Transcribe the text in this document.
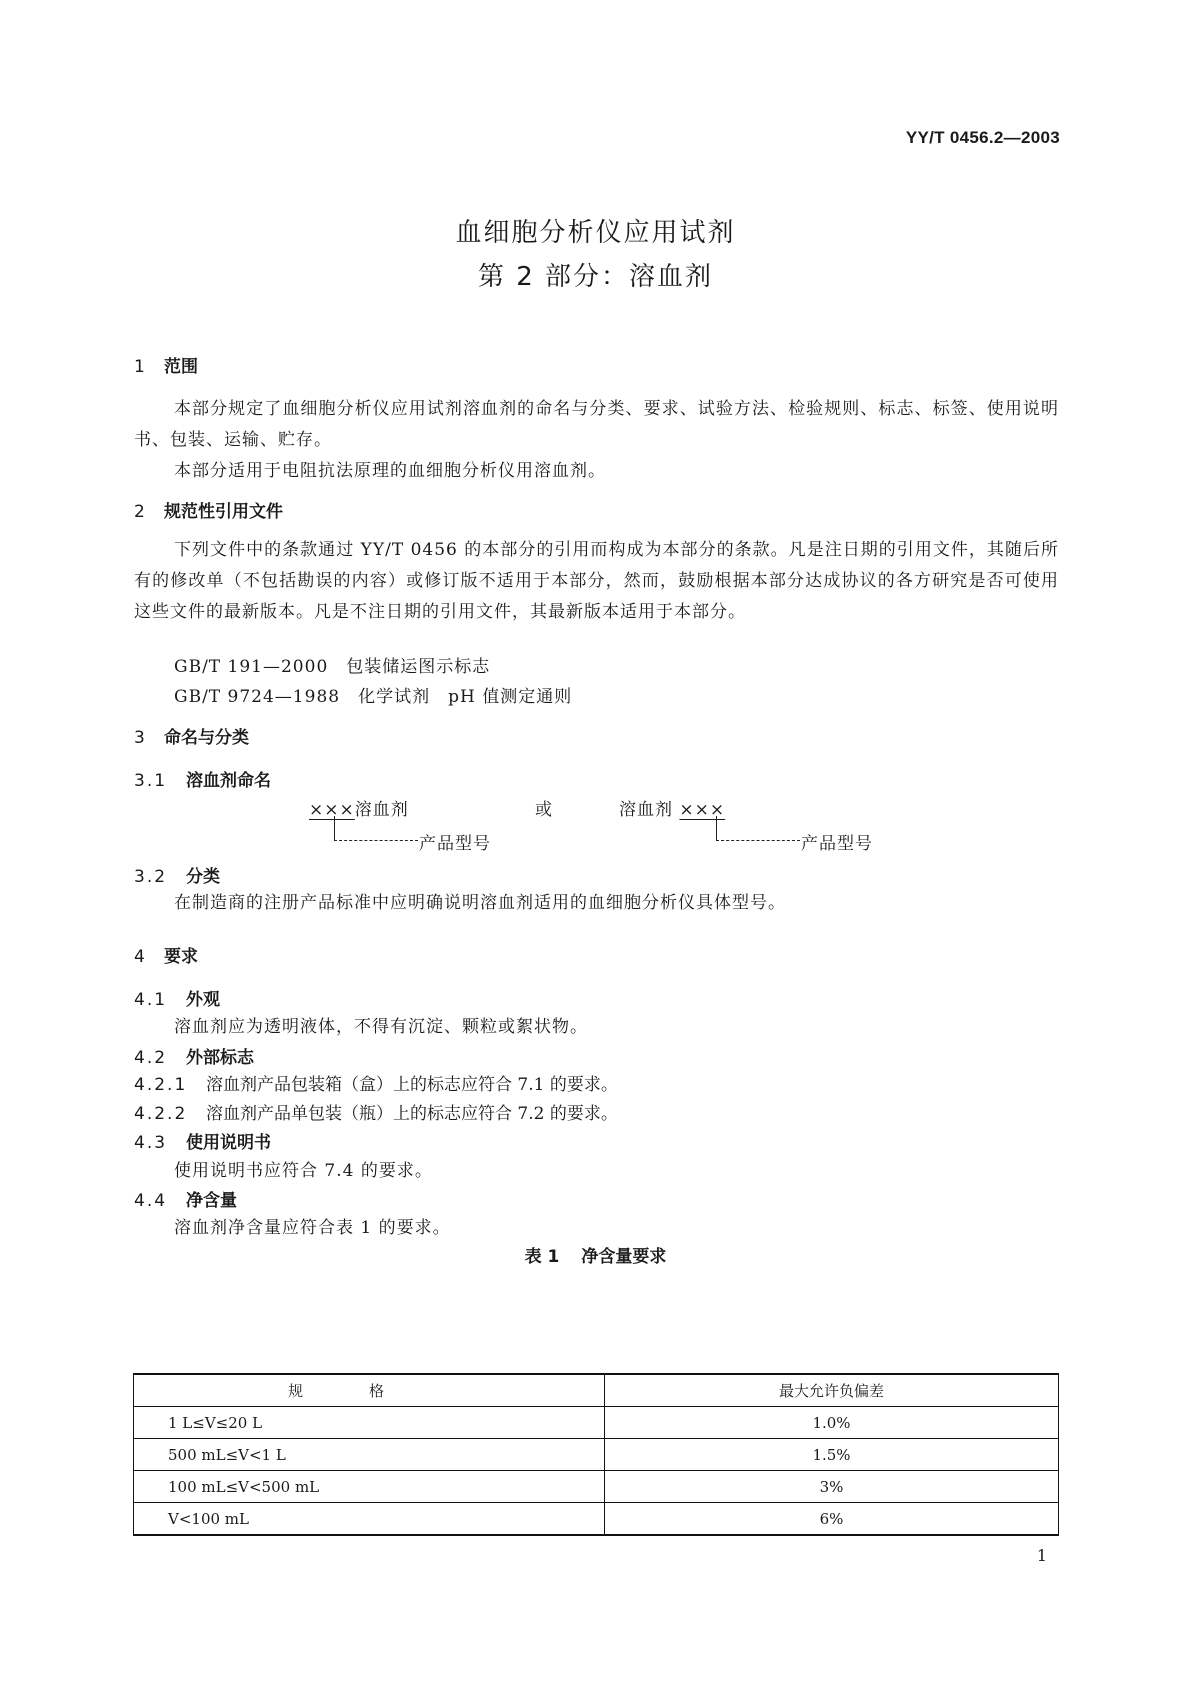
YY/T 0456.2—2003
血细胞分析仪应用试剂
第 2 部分：溶血剂
1 范围

本部分规定了血细胞分析仪应用试剂溶血剂的命名与分类、要求、试验方法、检验规则、标志、标签、使用说明书、包装、运输、贮存。

本部分适用于电阻抗法原理的血细胞分析仪用溶血剂。

2 规范性引用文件

下列文件中的条款通过 YY/T 0456 的本部分的引用而构成为本部分的条款。凡是注日期的引用文件，其随后所有的修改单（不包括勘误的内容）或修订版不适用于本部分，然而，鼓励根据本部分达成协议的各方研究是否可使用这些文件的最新版本。凡是不注日期的引用文件，其最新版本适用于本部分。

GB/T 191—2000 包装储运图示标志
GB/T 9724—1988 化学试剂 pH 值测定通则
3 命名与分类
3.1 溶血剂命名
×××溶血剂
产品型号
或	溶血剂 ×××
产品型号
3.2 分类
在制造商的注册产品标准中应明确说明溶血剂适用的血细胞分析仪具体型号。
4 要求
4.1 外观
溶血剂应为透明液体，不得有沉淀、颗粒或絮状物。
4.2 外部标志
4.2.1 溶血剂产品包装箱（盒）上的标志应符合 7.1 的要求。
4.2.2 溶血剂产品单包装（瓶）上的标志应符合 7.2 的要求。
4.3 使用说明书
使用说明书应符合 7.4 的要求。
4.4 净含量
溶血剂净含量应符合表 1 的要求。
表 1 净含量要求
规格	最大允许负偏差
1 L≤V≤20 L	1.0%
500 mL≤V<1 L	1.5%
100 mL≤V<500 mL	3%
V<100 mL	6%
1
